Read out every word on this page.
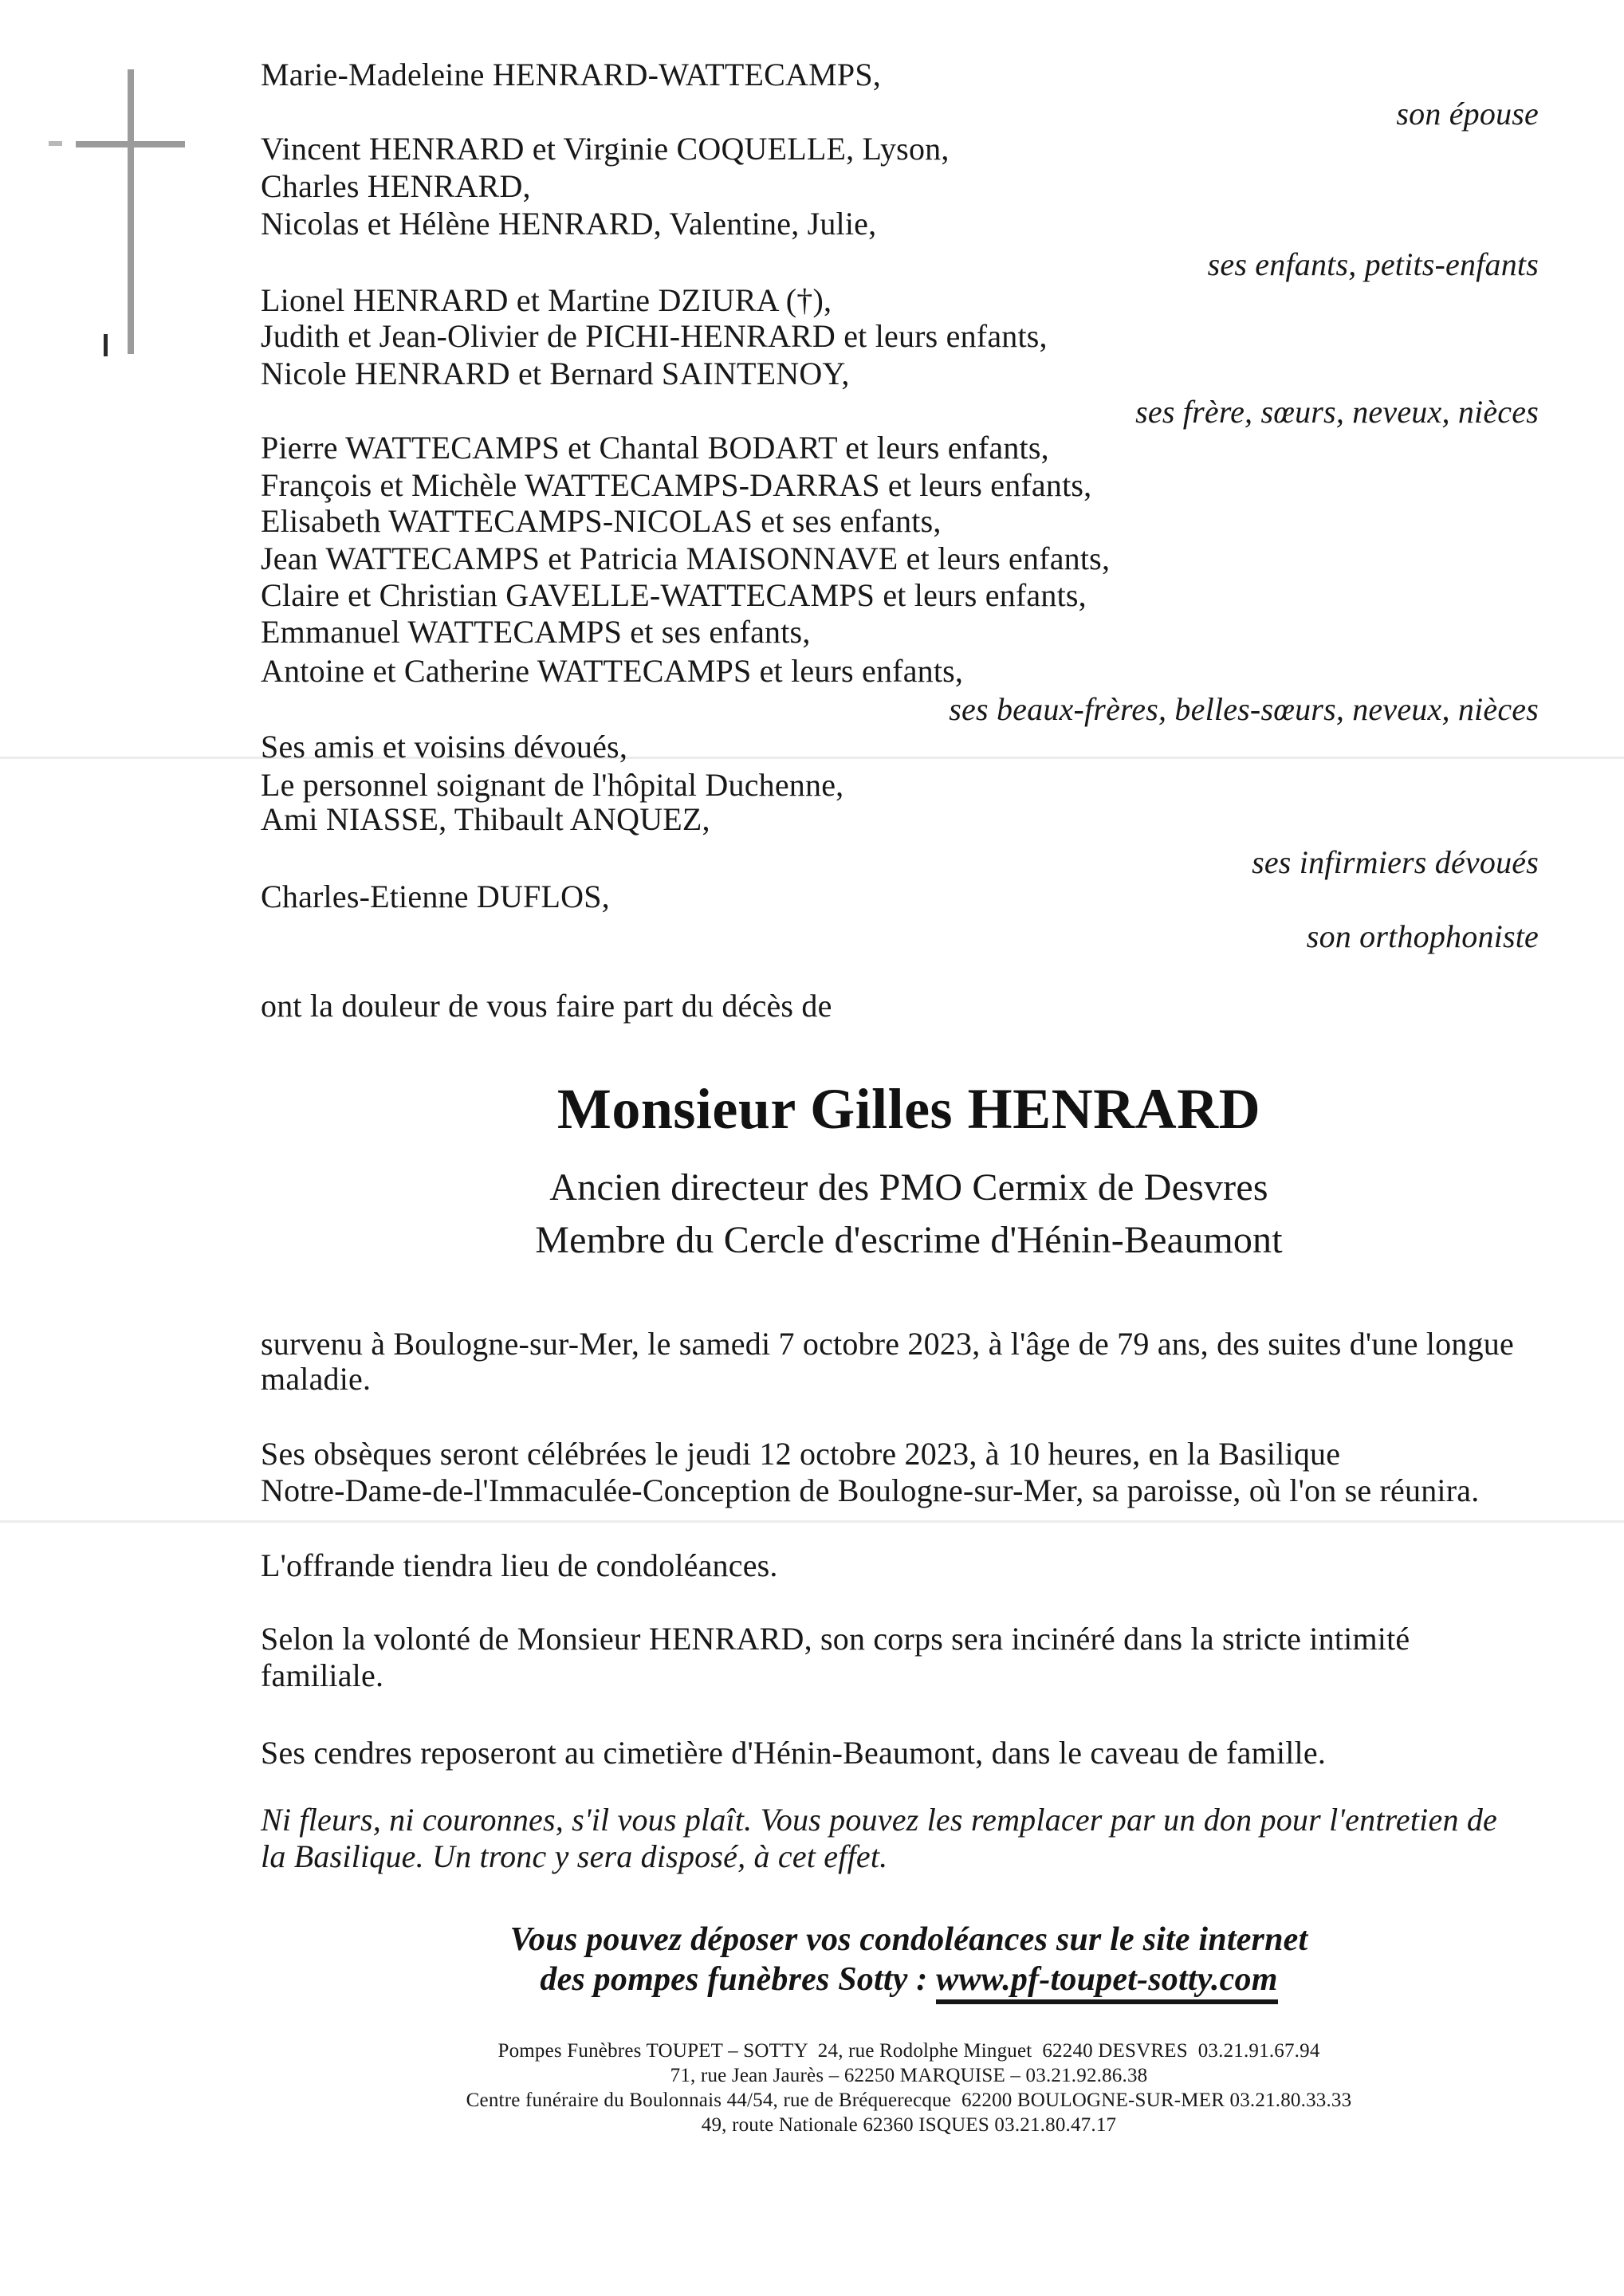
Marie-Madeleine HENRARD-WATTECAMPS,
son épouse
Vincent HENRARD et Virginie COQUELLE, Lyson,
Charles HENRARD,
Nicolas et Hélène HENRARD, Valentine, Julie,
ses enfants, petits-enfants
Lionel HENRARD et Martine DZIURA (†),
Judith et Jean-Olivier de PICHI-HENRARD et leurs enfants,
Nicole HENRARD et Bernard SAINTENOY,
ses frère, sœurs, neveux, nièces
Pierre WATTECAMPS et Chantal BODART et leurs enfants,
François et Michèle WATTECAMPS-DARRAS et leurs enfants,
Elisabeth WATTECAMPS-NICOLAS et ses enfants,
Jean WATTECAMPS et Patricia MAISONNAVE et leurs enfants,
Claire et Christian GAVELLE-WATTECAMPS et leurs enfants,
Emmanuel WATTECAMPS et ses enfants,
Antoine et Catherine WATTECAMPS et leurs enfants,
ses beaux-frères, belles-sœurs, neveux, nièces
Ses amis et voisins dévoués,
Le personnel soignant de l'hôpital Duchenne,
Ami NIASSE, Thibault ANQUEZ,
ses infirmiers dévoués
Charles-Etienne DUFLOS,
son orthophoniste
ont la douleur de vous faire part du décès de
Monsieur Gilles HENRARD
Ancien directeur des PMO Cermix de Desvres
Membre du Cercle d'escrime d'Hénin-Beaumont
survenu à Boulogne-sur-Mer, le samedi 7 octobre 2023, à l'âge de 79 ans, des suites d'une longue
maladie.
Ses obsèques seront célébrées le jeudi 12 octobre 2023, à 10 heures, en la Basilique
Notre-Dame-de-l'Immaculée-Conception de Boulogne-sur-Mer, sa paroisse, où l'on se réunira.
L'offrande tiendra lieu de condoléances.
Selon la volonté de Monsieur HENRARD, son corps sera incinéré dans la stricte intimité
familiale.
Ses cendres reposeront au cimetière d'Hénin-Beaumont, dans le caveau de famille.
Ni fleurs, ni couronnes, s'il vous plaît. Vous pouvez les remplacer par un don pour l'entretien de
la Basilique. Un tronc y sera disposé, à cet effet.
Vous pouvez déposer vos condoléances sur le site internet
des pompes funèbres Sotty : www.pf-toupet-sotty.com
Pompes Funèbres TOUPET – SOTTY  24, rue Rodolphe Minguet  62240 DESVRES  03.21.91.67.94
71, rue Jean Jaurès – 62250 MARQUISE – 03.21.92.86.38
Centre funéraire du Boulonnais 44/54, rue de Bréquerecque  62200 BOULOGNE-SUR-MER 03.21.80.33.33
49, route Nationale 62360 ISQUES 03.21.80.47.17
